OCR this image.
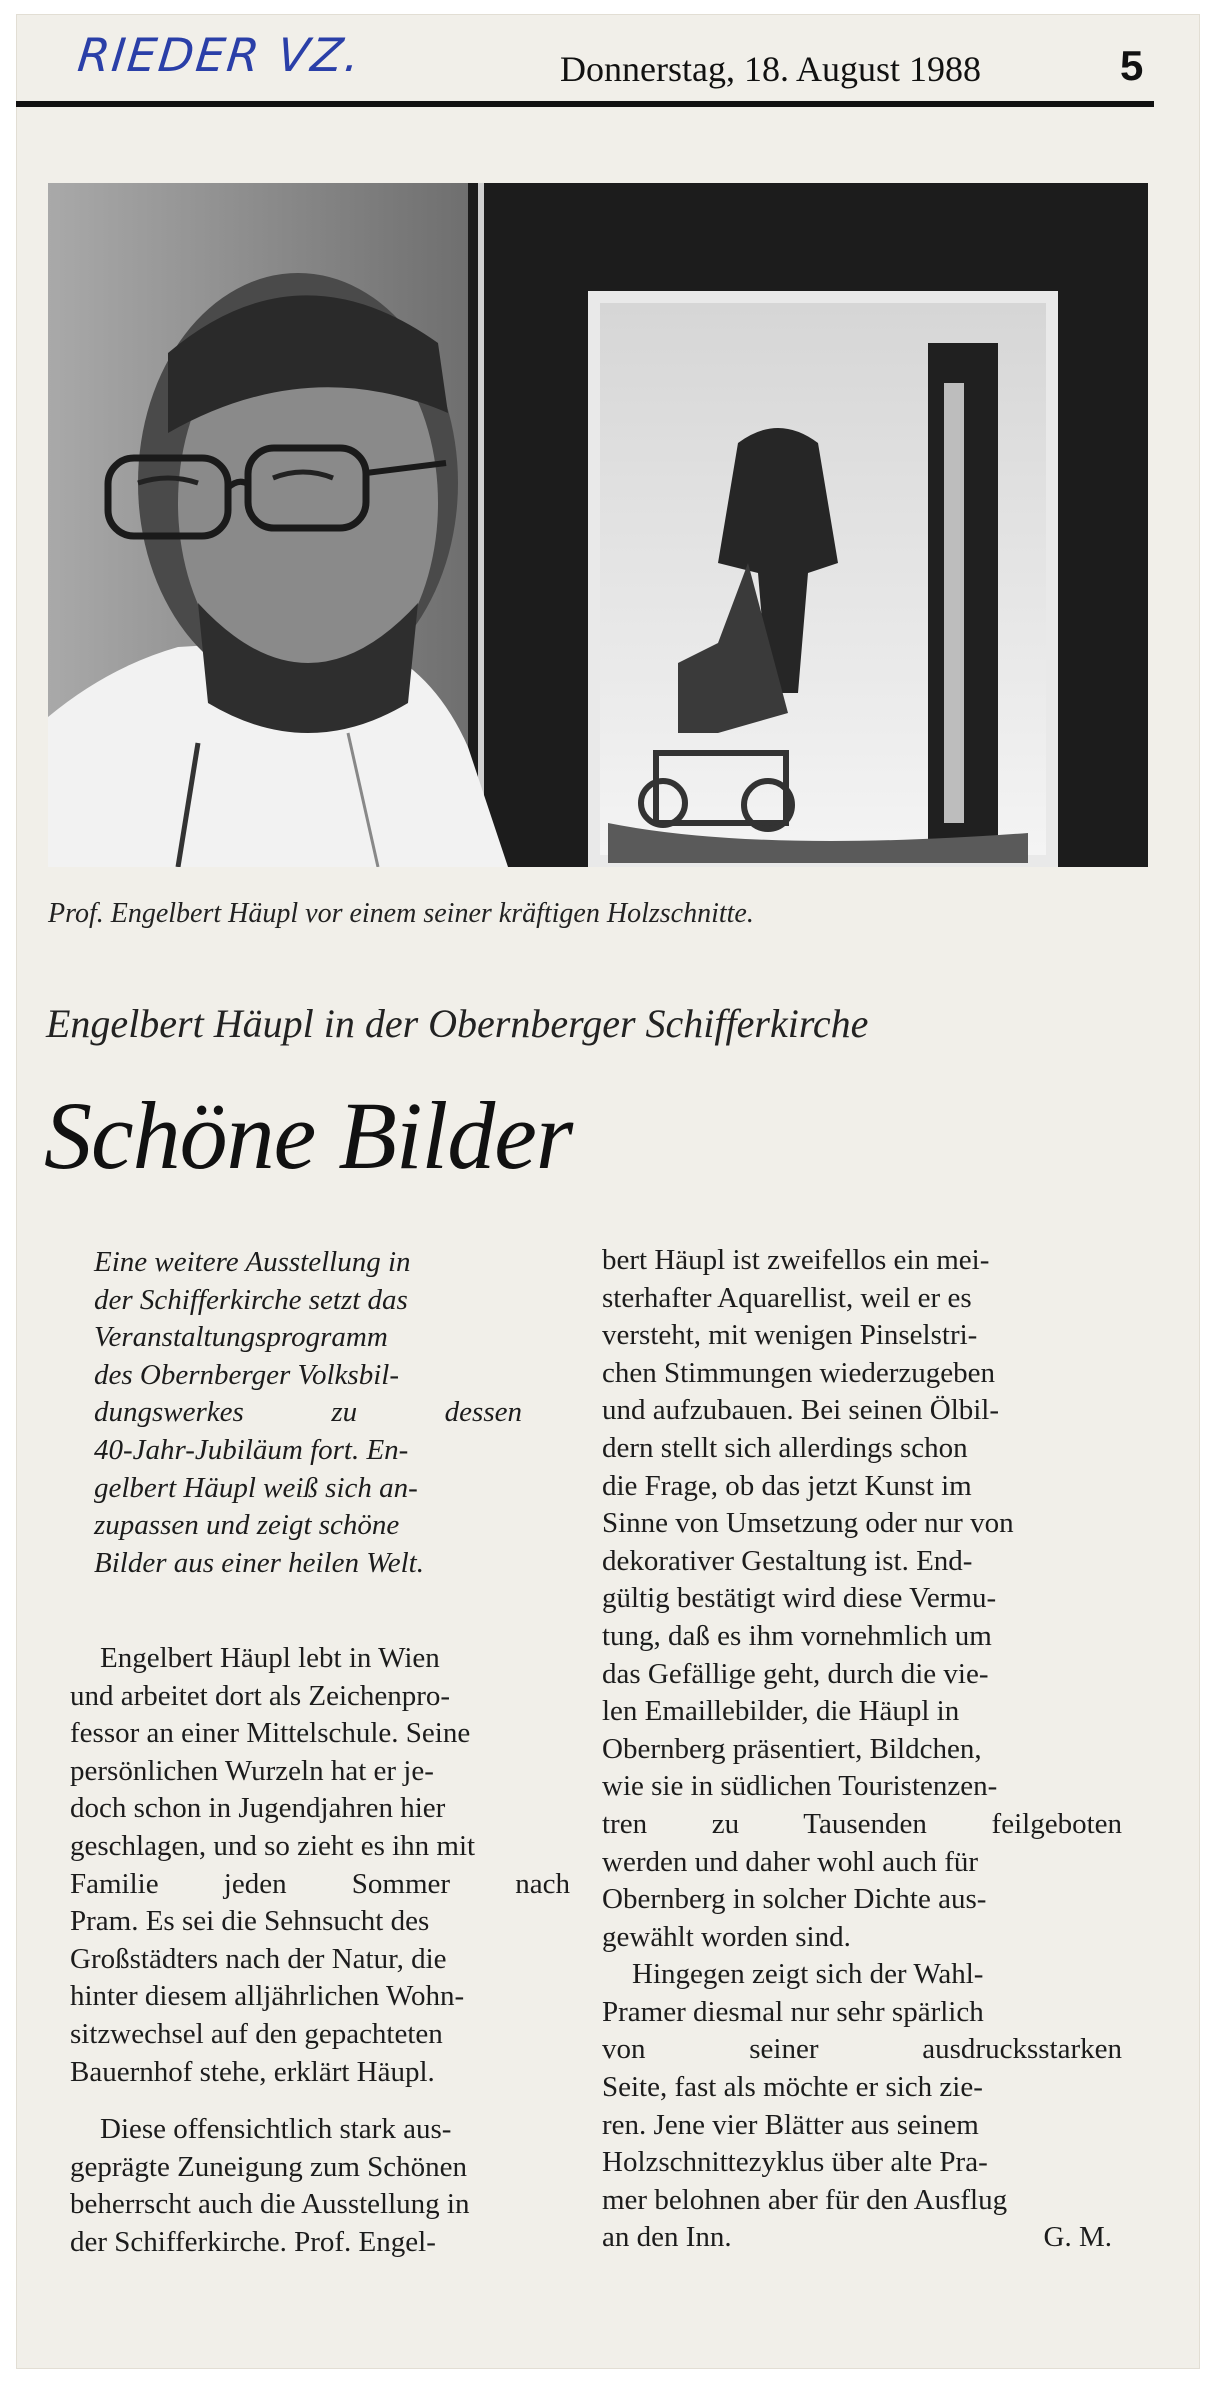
RIEDER VZ.	Donnerstag, 18. August 1988	5
Prof. Engelbert Häupl vor einem seiner kräftigen Holzschnitte.
Engelbert Häupl in der Obernberger Schifferkirche
Schöne Bilder
Eine weitere Ausstellung in
der Schifferkirche setzt das
Veranstaltungsprogramm
des Obernberger Volksbil-
dungswerkes zu dessen
40-Jahr-Jubiläum fort. En-
gelbert Häupl weiß sich an-
zupassen und zeigt schöne
Bilder aus einer heilen Welt.
Engelbert Häupl lebt in Wien
und arbeitet dort als Zeichenpro-
fessor an einer Mittelschule. Seine
persönlichen Wurzeln hat er je-
doch schon in Jugendjahren hier
geschlagen, und so zieht es ihn mit
Familie jeden Sommer nach
Pram. Es sei die Sehnsucht des
Großstädters nach der Natur, die
hinter diesem alljährlichen Wohn-
sitzwechsel auf den gepachteten
Bauernhof stehe, erklärt Häupl.
Diese offensichtlich stark aus-
geprägte Zuneigung zum Schönen
beherrscht auch die Ausstellung in
der Schifferkirche. Prof. Engel-
bert Häupl ist zweifellos ein mei-
sterhafter Aquarellist, weil er es
versteht, mit wenigen Pinselstri-
chen Stimmungen wiederzugeben
und aufzubauen. Bei seinen Ölbil-
dern stellt sich allerdings schon
die Frage, ob das jetzt Kunst im
Sinne von Umsetzung oder nur von
dekorativer Gestaltung ist. End-
gültig bestätigt wird diese Vermu-
tung, daß es ihm vornehmlich um
das Gefällige geht, durch die vie-
len Emaillebilder, die Häupl in
Obernberg präsentiert, Bildchen,
wie sie in südlichen Touristenzen-
tren zu Tausenden feilgeboten
werden und daher wohl auch für
Obernberg in solcher Dichte aus-
gewählt worden sind.
Hingegen zeigt sich der Wahl-
Pramer diesmal nur sehr spärlich
von seiner ausdrucksstarken
Seite, fast als möchte er sich zie-
ren. Jene vier Blätter aus seinem
Holzschnittezyklus über alte Pra-
mer belohnen aber für den Ausflug
an den Inn.	G. M.
